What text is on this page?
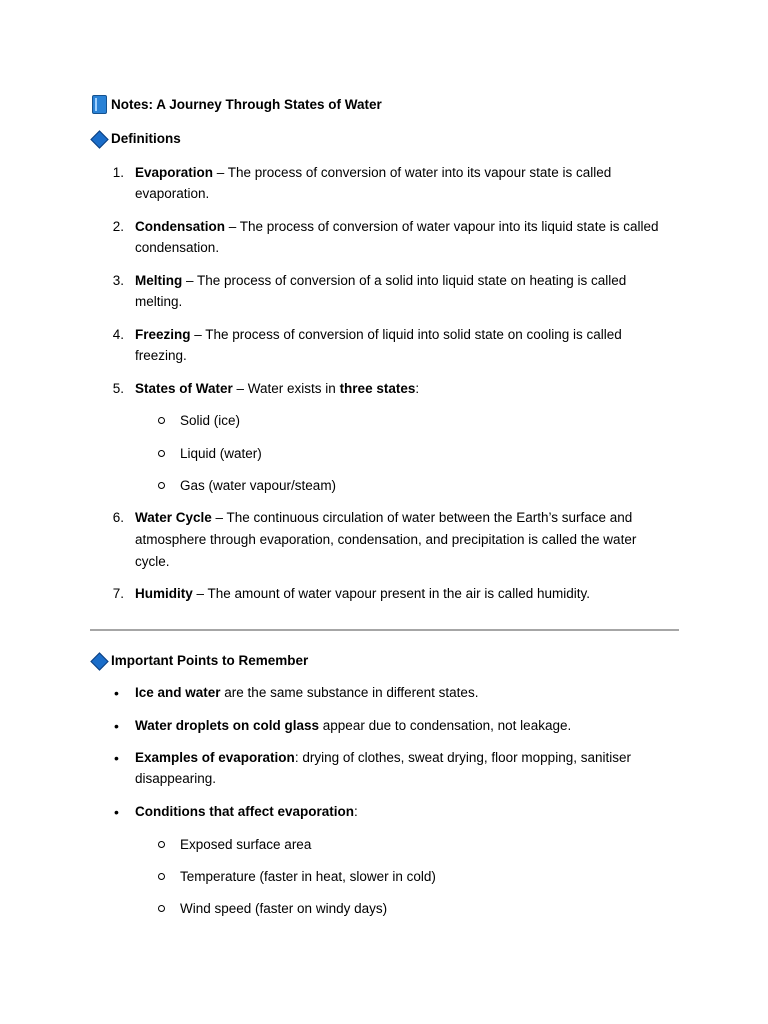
Notes: A Journey Through States of Water
Definitions
1. Evaporation – The process of conversion of water into its vapour state is called
evaporation.
2. Condensation – The process of conversion of water vapour into its liquid state is called
condensation.
3. Melting – The process of conversion of a solid into liquid state on heating is called
melting.
4. Freezing – The process of conversion of liquid into solid state on cooling is called
freezing.
5. States of Water – Water exists in three states:
Solid (ice)
Liquid (water)
Gas (water vapour/steam)
6. Water Cycle – The continuous circulation of water between the Earth’s surface and
atmosphere through evaporation, condensation, and precipitation is called the water
cycle.
7. Humidity – The amount of water vapour present in the air is called humidity.
Important Points to Remember
• Ice and water are the same substance in different states.
• Water droplets on cold glass appear due to condensation, not leakage.
• Examples of evaporation: drying of clothes, sweat drying, floor mopping, sanitiser
disappearing.
• Conditions that affect evaporation:
Exposed surface area
Temperature (faster in heat, slower in cold)
Wind speed (faster on windy days)
